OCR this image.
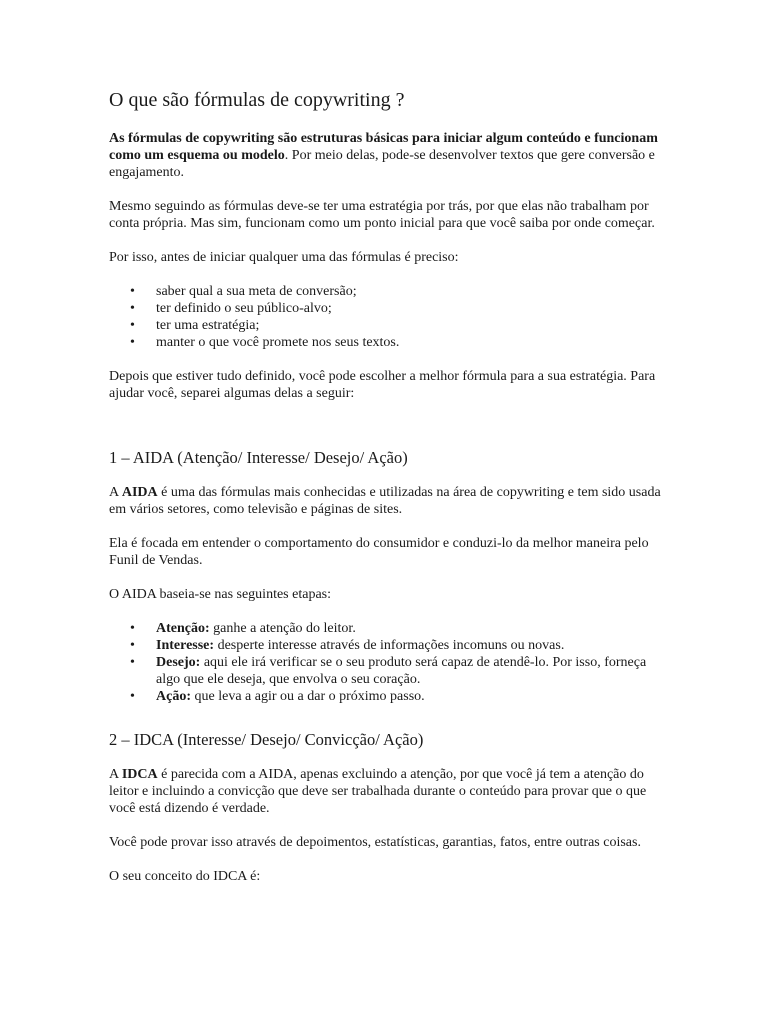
O que são fórmulas de copywriting ?

As fórmulas de copywriting são estruturas básicas para iniciar algum conteúdo e funcionam como um esquema ou modelo. Por meio delas, pode-se desenvolver textos que gere conversão e engajamento.

Mesmo seguindo as fórmulas deve-se ter uma estratégia por trás, por que elas não trabalham por conta própria. Mas sim, funcionam como um ponto inicial para que você saiba por onde começar.

Por isso, antes de iniciar qualquer uma das fórmulas é preciso:

• saber qual a sua meta de conversão;
• ter definido o seu público-alvo;
• ter uma estratégia;
• manter o que você promete nos seus textos.

Depois que estiver tudo definido, você pode escolher a melhor fórmula para a sua estratégia. Para ajudar você, separei algumas delas a seguir:

1 – AIDA (Atenção/ Interesse/ Desejo/ Ação)

A AIDA é uma das fórmulas mais conhecidas e utilizadas na área de copywriting e tem sido usada em vários setores, como televisão e páginas de sites.

Ela é focada em entender o comportamento do consumidor e conduzi-lo da melhor maneira pelo Funil de Vendas.

O AIDA baseia-se nas seguintes etapas:

• Atenção: ganhe a atenção do leitor.
• Interesse: desperte interesse através de informações incomuns ou novas.
• Desejo: aqui ele irá verificar se o seu produto será capaz de atendê-lo. Por isso, forneça algo que ele deseja, que envolva o seu coração.
• Ação: que leva a agir ou a dar o próximo passo.
2 – IDCA (Interesse/ Desejo/ Convicção/ Ação)

A IDCA é parecida com a AIDA, apenas excluindo a atenção, por que você já tem a atenção do leitor e incluindo a convicção que deve ser trabalhada durante o conteúdo para provar que o que você está dizendo é verdade.

Você pode provar isso através de depoimentos, estatísticas, garantias, fatos, entre outras coisas.

O seu conceito do IDCA é:
